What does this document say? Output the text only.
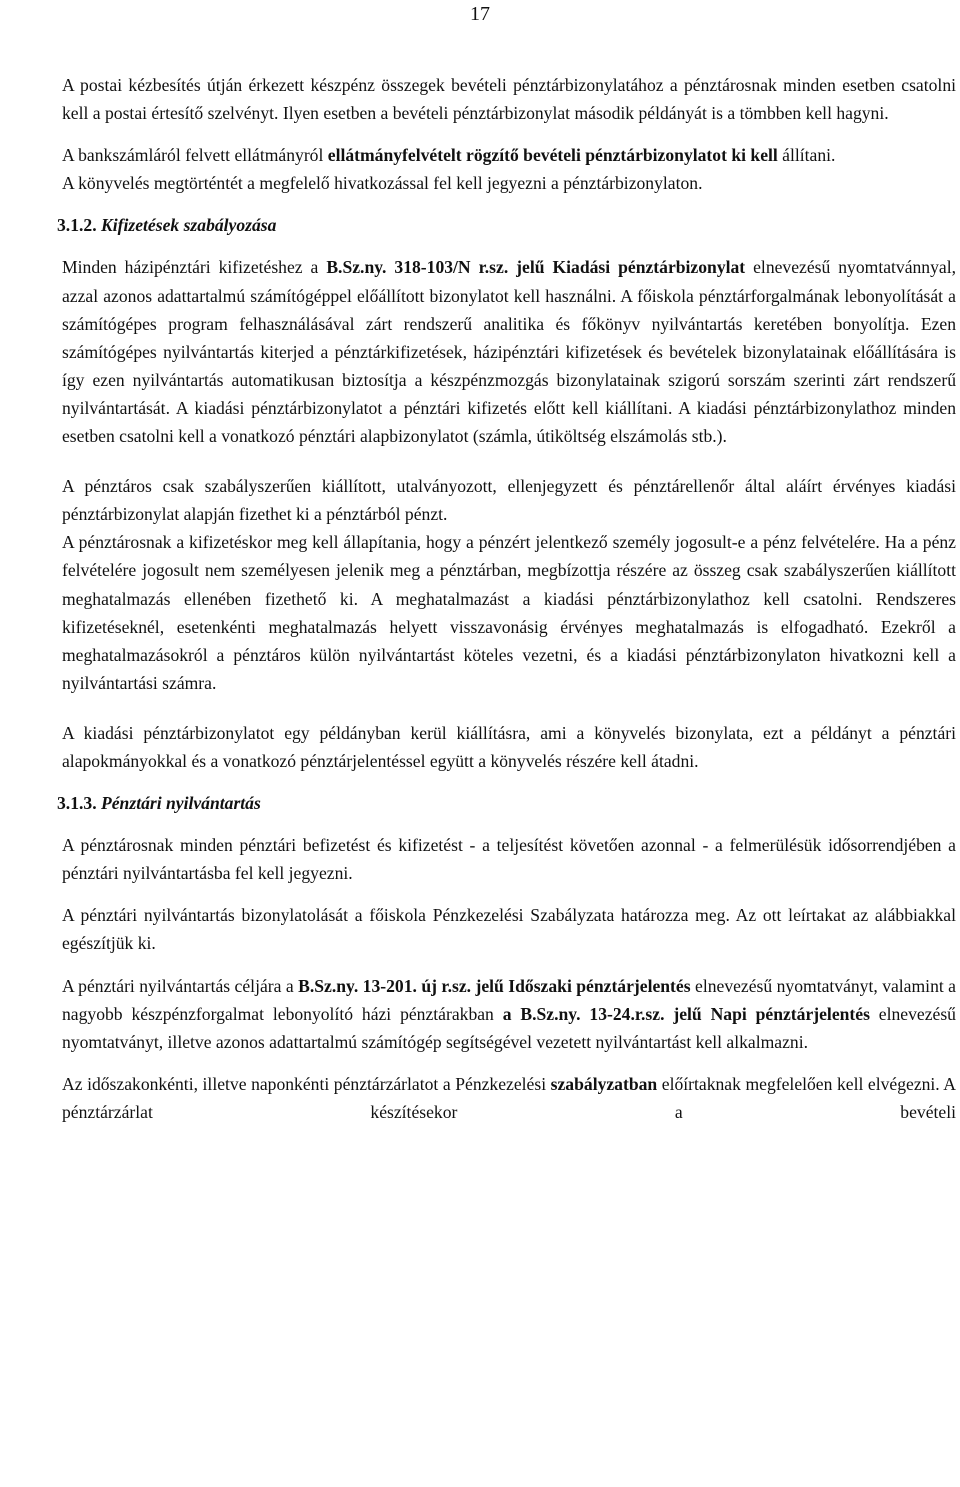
17

A postai kézbesítés útján érkezett készpénz összegek bevételi pénztárbizonylatához a pénztárosnak minden esetben csatolni kell a postai értesítő szelvényt. Ilyen esetben a bevételi pénztárbizonylat második példányát is a tömbben kell hagyni.

A bankszámláról felvett ellátmányról ellátmányfelvételt rögzítő bevételi pénztárbizonylatot ki kell állítani.

A könyvelés megtörténtét a megfelelő hivatkozással fel kell jegyezni a pénztárbizonylaton.

3.1.2. Kifizetések szabályozása

Minden házipénztári kifizetéshez a B.Sz.ny. 318-103/N r.sz. jelű Kiadási pénztárbizonylat elnevezésű nyomtatvánnyal, azzal azonos adattartalmú számítógéppel előállított bizonylatot kell használni. A főiskola pénztárforgalmának lebonyolítását a számítógépes program felhasználásával zárt rendszerű analitika és főkönyv nyilvántartás keretében bonyolítja. Ezen számítógépes nyilvántartás kiterjed a pénztárkifizetések, házipénztári kifizetések és bevételek bizonylatainak előállítására is így ezen nyilvántartás automatikusan biztosítja a készpénzmozgás bizonylatainak szigorú sorszám szerinti zárt rendszerű nyilvántartását. A kiadási pénztárbizonylatot a pénztári kifizetés előtt kell kiállítani. A kiadási pénztárbizonylathoz minden esetben csatolni kell a vonatkozó pénztári alapbizonylatot (számla, útiköltség elszámolás stb.).

A pénztáros csak szabályszerűen kiállított, utalványozott, ellenjegyzett és pénztárellenőr által aláírt érvényes kiadási pénztárbizonylat alapján fizethet ki a pénztárból pénzt.

A pénztárosnak a kifizetéskor meg kell állapítania, hogy a pénzért jelentkező személy jogosult-e a pénz felvételére. Ha a pénz felvételére jogosult nem személyesen jelenik meg a pénztárban, megbízottja részére az összeg csak szabályszerűen kiállított meghatalmazás ellenében fizethető ki. A meghatalmazást a kiadási pénztárbizonylathoz kell csatolni. Rendszeres kifizetéseknél, esetenkénti meghatalmazás helyett visszavonásig érvényes meghatalmazás is elfogadható. Ezekről a meghatalmazásokról a pénztáros külön nyilvántartást köteles vezetni, és a kiadási pénztárbizonylaton hivatkozni kell a nyilvántartási számra.

A kiadási pénztárbizonylatot egy példányban kerül kiállításra, ami a könyvelés bizonylata, ezt a példányt a pénztári alapokmányokkal és a vonatkozó pénztárjelentéssel együtt a könyvelés részére kell átadni.

3.1.3. Pénztári nyilvántartás

A pénztárosnak minden pénztári befizetést és kifizetést - a teljesítést követően azonnal - a felmerülésük idősorrendjében a pénztári nyilvántartásba fel kell jegyezni.

A pénztári nyilvántartás bizonylatolását a főiskola Pénzkezelési Szabályzata határozza meg. Az ott leírtakat az alábbiakkal egészítjük ki.

A pénztári nyilvántartás céljára a B.Sz.ny. 13-201. új r.sz. jelű Időszaki pénztárjelentés elnevezésű nyomtatványt, valamint a nagyobb készpénzforgalmat lebonyolító házi pénztárakban a B.Sz.ny. 13-24.r.sz. jelű Napi pénztárjelentés elnevezésű nyomtatványt, illetve azonos adattartalmú számítógép segítségével vezetett nyilvántartást kell alkalmazni.

Az időszakonkénti, illetve naponkénti pénztárzárlatot a Pénzkezelési szabályzatban előírtaknak megfelelően kell elvégezni. A pénztárzárlat készítésekor a bevételi
